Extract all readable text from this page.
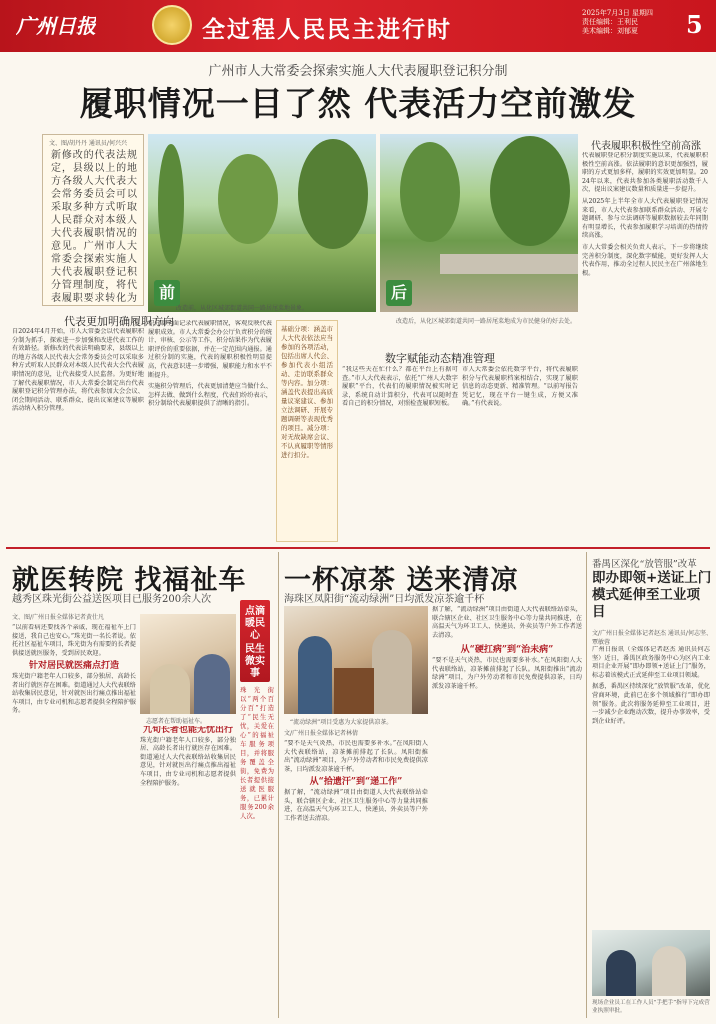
广州日报	全过程人民民主进行时
2025年7月3日 星期四
责任编辑：王利民
美术编辑：刘郁夏	5
广州市人大常委会探索实施人大代表履职登记积分制
履职情况一目了然 代表活力空前激发
文、图/胡丹丹 通讯员/何兴兴
新修改的代表法规定，县级以上的地方各级人大代表大会常务委员会可以采取多种方式听取人民群众对本级人大代表履职情况的意见。广州市人大常委会探索实施人大代表履职登记积分管理制度，将代表履职要求转化为	前
改造前，从化区城郊街道共同一路居尾菜地景象。
后
改造后，从化区城郊街道共同一路居尾菜地成为市民健身的好去处。
代表履职积极性空前高涨

代表履职登记积分制度实施以来，代表履职积极性空前高涨。依法履职的意识更加强烈，履职的方式更加多样，履职的实效更加明显。2024年以来，代表共参加各类履职活动数千人次，提出议案建议数量和质量进一步提升。

从2025年上半年全市人大代表履职登记情况来看，市人大代表参加联系群众活动、开展专题调研、参与立法调研等履职数据较去年同期有明显增长，代表参加履职学习培训的热情持续高涨。

市人大常委会相关负责人表示，下一步将继续完善积分制度，深化数字赋能，更好发挥人大代表作用，推动全过程人民民主在广州落地生根。

代表更加明确履职方向

自2024年4月开始，市人大常委会以代表履职积分制为抓手，探索进一步加强和改进代表工作的有效路径。新修改的代表法明确要求，县级以上的地方各级人民代表大会常务委员会可以采取多种方式听取人民群众对本级人民代表大会代表履职情况的意见，让代表接受人民监督。为更好地了解代表履职情况，市人大常委会制定出台代表履职登记积分管理办法，将代表参加大会会议、闭会期间活动、联系群众、提出议案建议等履职活动纳入积分管理。

积分制全面记录代表履职情况，客观反映代表履职成效。市人大常委会办公厅负责积分的统计、审核、公示等工作，积分结果作为代表履职评价的重要依据，并在一定范围内通报。通过积分制的实施，代表的履职积极性明显提高，代表意识进一步增强，履职能力和水平不断提升。

实施积分管理后，代表更加清楚应当做什么、怎样去做、做到什么程度，代表们纷纷表示，积分制给代表履职提供了清晰的指引。

基础分项：涵盖市人大代表依法应当参加的各项活动，包括出席人代会、参加代表小组活动、走访联系群众等内容。加分项：涵盖代表提出高质量议案建议、参加立法调研、开展专题调研等表现优秀的项目。减分项：对无故缺席会议、不认真履职等情形进行扣分。
数字赋能动态精准管理

“我这些天在忙什么？都在平台上有据可查。”市人大代表表示，依托“广州人大数字履职”平台，代表们的履职情况被实时记录，系统自动计算积分，代表可以随时查看自己的积分情况，对照检查履职短板。

市人大常委会依托数字平台，将代表履职积分与代表履职档案相结合，实现了履职信息的动态更新、精准管理。“以前写报告凭记忆，现在平台一键生成，方便又准确。”有代表说。

就医转院 找福祉车
越秀区珠光街公益送医项目已服务200余人次
文、图/广州日报全媒体记者黄仕凡

“以前看病还要找各个亲戚，现在福祉车上门接送，我自己也安心。”珠光街一名长者说。依托社区福祉车项目，珠光街为有需要的长者提供接送就医服务，受到居民欢迎。

针对居民就医痛点打造

珠光街户籍老年人口较多，部分独居、高龄长者出行就医存在困难。街道通过人大代表联络站收集居民意见，针对就医出行痛点推出福祉车项目，由专业司机和志愿者提供全程陪护服务。

志愿者在帮助福祉车。
九旬长者也能无忧出行

珠光街户籍老年人口较多，部分独居、高龄长者出行就医存在困难。街道通过人大代表联络站收集居民意见，针对就医出行痛点推出福祉车项目，由专业司机和志愿者提供全程陪护服务。

点滴暖民心
民生微实事
珠光街以“两个百分百”打造了“民生无忧，关爱在心”的福祉车服务项目，并将服务覆盖全街，免费为长者提供接送就医服务，已累计服务200余人次。
一杯凉茶 送来清凉
海珠区凤阳街“流动绿洲”日均派发凉茶逾千杯
“流动绿洲”项目受惠为大家提供凉茶。
文/广州日报全媒体记者林倩

“要不是天气炎热，市民也需要多补水。”在凤阳街人大代表联络站，凉茶摊前排起了长队。凤阳街推出“流动绿洲”项目，为户外劳动者和市民免费提供凉茶，日均派发凉茶逾千杯。

从“拾遗汗”到“递工作”

据了解，“流动绿洲”项目由街道人大代表联络站牵头，联合辖区企业、社区卫生服务中心等力量共同推进，在高温天气为环卫工人、快递员、外卖员等户外工作者送去清凉。

据了解，“流动绿洲”项目由街道人大代表联络站牵头，联合辖区企业、社区卫生服务中心等力量共同推进，在高温天气为环卫工人、快递员、外卖员等户外工作者送去清凉。

从“硬扛病”到“治未病”

“要不是天气炎热，市民也需要多补水。”在凤阳街人大代表联络站，凉茶摊前排起了长队。凤阳街推出“流动绿洲”项目，为户外劳动者和市民免费提供凉茶，日均派发凉茶逾千杯。

番禺区深化“放管服”改革
即办即领+送证上门模式延伸至工业项目
文/广州日报全媒体记者赵杰 通讯员/何志坚、覃敏蓉

广州日报讯（全媒体记者赵杰 通讯员何志坚）近日，番禺区政务服务中心为区内工业项目企业开展“即办即领+送证上门”服务，标志着该模式正式延伸至工业项目领域。

据悉，番禺区持续深化“放管服”改革，优化营商环境，此前已在多个领域推行“即办即领”服务。此次将服务延伸至工业项目，进一步减少企业跑动次数，提升办事效率，受到企业好评。

现场企业员工在工作人员“手把手”指导下完成营业执照审批。
